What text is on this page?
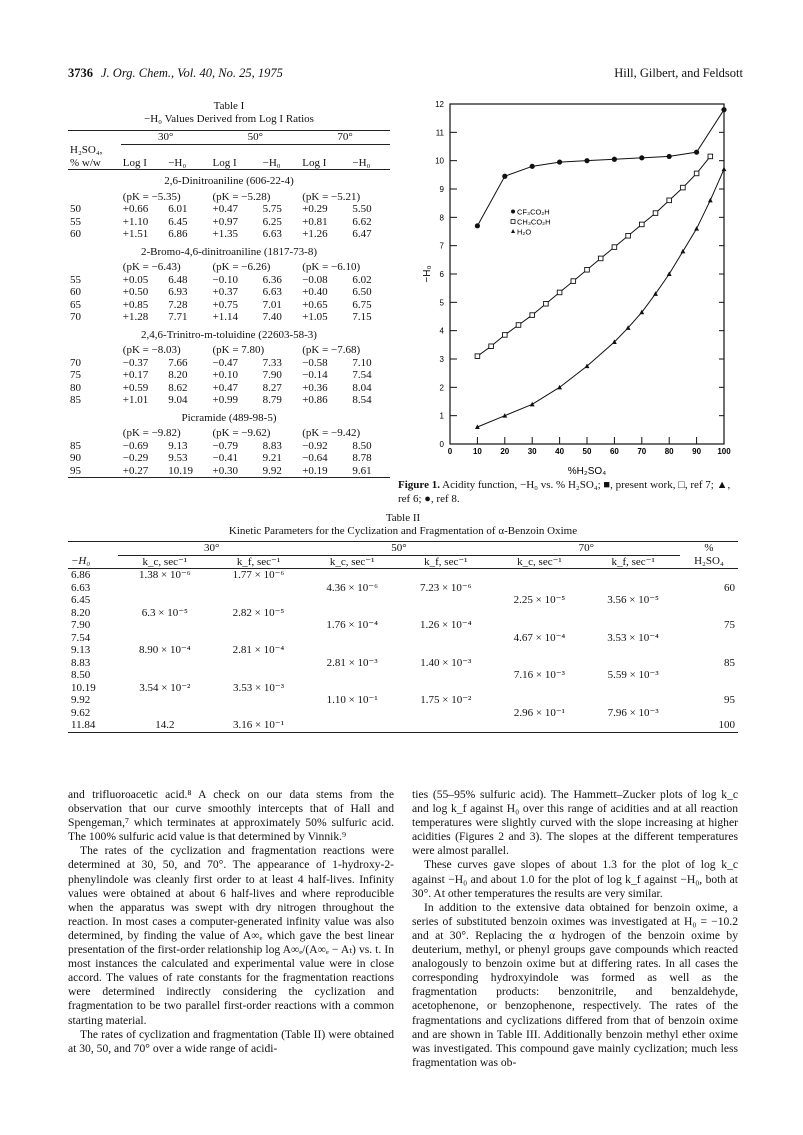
3736 J. Org. Chem., Vol. 40, No. 25, 1975	Hill, Gilbert, and Feldsott
Table I
−H₀ Values Derived from Log I Ratios
	30°		50°		70°	
H₂SO₄,						
% w/w	Log I	−H₀	Log I	−H₀	Log I	−H₀
2,6-Dinitroaniline (606-22-4)						
	(pK = −5.35)		(pK = −5.28)		(pK = −5.21)	
50	+0.66	6.01	+0.47	5.75	+0.29	5.50
55	+1.10	6.45	+0.97	6.25	+0.81	6.62
60	+1.51	6.86	+1.35	6.63	+1.26	6.47
2-Bromo-4,6-dinitroaniline (1817-73-8)						
	(pK = −6.43)		(pK = −6.26)		(pK = −6.10)	
55	+0.05	6.48	−0.10	6.36	−0.08	6.02
60	+0.50	6.93	+0.37	6.63	+0.40	6.50
65	+0.85	7.28	+0.75	7.01	+0.65	6.75
70	+1.28	7.71	+1.14	7.40	+1.05	7.15
2,4,6-Trinitro-m-toluidine (22603-58-3)						
	(pK = −8.03)		(pK = 7.80)		(pK = −7.68)	
70	−0.37	7.66	−0.47	7.33	−0.58	7.10
75	+0.17	8.20	+0.10	7.90	−0.14	7.54
80	+0.59	8.62	+0.47	8.27	+0.36	8.04
85	+1.01	9.04	+0.99	8.79	+0.86	8.54
Picramide (489-98-5)						
	(pK = −9.82)		(pK = −9.62)		(pK = −9.42)	
85	−0.69	9.13	−0.79	8.83	−0.92	8.50
90	−0.29	9.53	−0.41	9.21	−0.64	8.78
95	+0.27	10.19	+0.30	9.92	+0.19	9.61
0
1
2
3
4
5
6
7
8
9
10
11
12
0	10 20 30 40 50 60 70 80 90 100
%H₂SO₄
−H₀
CF₃CO₂H
CH₃CO₂H
H₂O
Figure 1. Acidity function, −H₀ vs. % H₂SO₄; ■, present work, □, ref 7; ▲, ref 6; ●, ref 8.
Table II
Kinetic Parameters for the Cyclization and Fragmentation of α-Benzoin Oxime
	30°		50°		70°		%
−H₀	k_c, sec⁻¹	k_f, sec⁻¹	k_c, sec⁻¹	k_f, sec⁻¹	k_c, sec⁻¹	k_f, sec⁻¹	H₂SO₄
6.86	1.38 × 10⁻⁶	1.77 × 10⁻⁶					
6.63			4.36 × 10⁻⁶	7.23 × 10⁻⁶			60
6.45					2.25 × 10⁻⁵	3.56 × 10⁻⁵	
8.20	6.3 × 10⁻⁵	2.82 × 10⁻⁵					
7.90			1.76 × 10⁻⁴	1.26 × 10⁻⁴			75
7.54					4.67 × 10⁻⁴	3.53 × 10⁻⁴	
9.13	8.90 × 10⁻⁴	2.81 × 10⁻⁴					
8.83			2.81 × 10⁻³	1.40 × 10⁻³			85
8.50					7.16 × 10⁻³	5.59 × 10⁻³	
10.19	3.54 × 10⁻²	3.53 × 10⁻³					
9.92			1.10 × 10⁻¹	1.75 × 10⁻²			95
9.62					2.96 × 10⁻¹	7.96 × 10⁻³	
11.84	14.2	3.16 × 10⁻¹					100

and trifluoroacetic acid.⁸ A check on our data stems from the observation that our curve smoothly intercepts that of Hall and Spengeman,⁷ which terminates at approximately 50% sulfuric acid. The 100% sulfuric acid value is that determined by Vinnik.⁹

The rates of the cyclization and fragmentation reactions were determined at 30, 50, and 70°. The appearance of 1-hydroxy-2-phenylindole was cleanly first order to at least 4 half-lives. Infinity values were obtained at about 6 half-lives and where reproducible when the apparatus was swept with dry nitrogen throughout the reaction. In most cases a computer-generated infinity value was also determined, by finding the value of A∞ₑ which gave the best linear presentation of the first-order relationship log A∞ₑ/(A∞ₑ − Aₜ) vs. t. In most instances the calculated and experimental value were in close accord. The values of rate constants for the fragmentation reactions were determined indirectly considering the cyclization and fragmentation to be two parallel first-order reactions with a common starting material.

The rates of cyclization and fragmentation (Table II) were obtained at 30, 50, and 70° over a wide range of acidi-

ties (55–95% sulfuric acid). The Hammett–Zucker plots of log k_c and log k_f against H₀ over this range of acidities and at all reaction temperatures were slightly curved with the slope increasing at higher acidities (Figures 2 and 3). The slopes at the different temperatures were almost parallel.

These curves gave slopes of about 1.3 for the plot of log k_c against −H₀ and about 1.0 for the plot of log k_f against −H₀, both at 30°. At other temperatures the results are very similar.

In addition to the extensive data obtained for benzoin oxime, a series of substituted benzoin oximes was investigated at H₀ = −10.2 and at 30°. Replacing the α hydrogen of the benzoin oxime by deuterium, methyl, or phenyl groups gave compounds which reacted analogously to benzoin oxime but at differing rates. In all cases the corresponding hydroxyindole was formed as well as the fragmentation products: benzonitrile, and benzaldehyde, acetophenone, or benzophenone, respectively. The rates of the fragmentations and cyclizations differed from that of benzoin oxime and are shown in Table III. Additionally benzoin methyl ether oxime was investigated. This compound gave mainly cyclization; much less fragmentation was ob-
